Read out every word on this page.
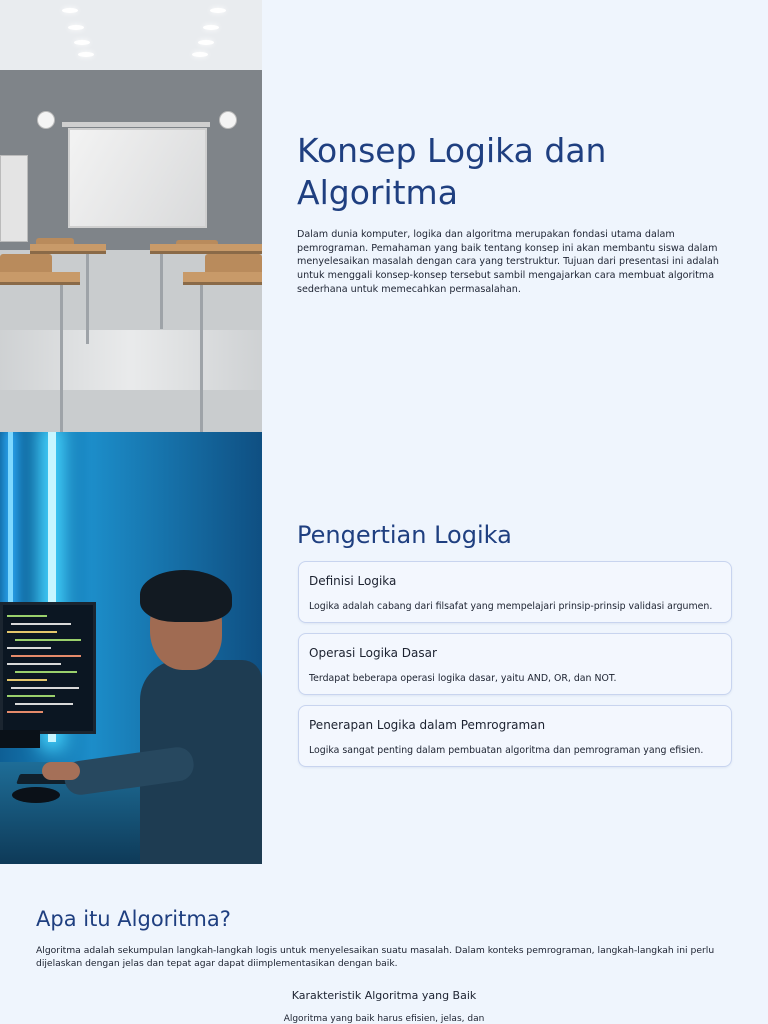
Konsep Logika dan Algoritma

Dalam dunia komputer, logika dan algoritma merupakan fondasi utama dalam pemrograman. Pemahaman yang baik tentang konsep ini akan membantu siswa dalam menyelesaikan masalah dengan cara yang terstruktur. Tujuan dari presentasi ini adalah untuk menggali konsep-konsep tersebut sambil mengajarkan cara membuat algoritma sederhana untuk memecahkan permasalahan.

Pengertian Logika
Definisi Logika
Logika adalah cabang dari filsafat yang mempelajari prinsip-prinsip validasi argumen.
Operasi Logika Dasar
Terdapat beberapa operasi logika dasar, yaitu AND, OR, dan NOT.
Penerapan Logika dalam Pemrograman
Logika sangat penting dalam pembuatan algoritma dan pemrograman yang efisien.
Apa itu Algoritma?

Algoritma adalah sekumpulan langkah-langkah logis untuk menyelesaikan suatu masalah. Dalam konteks pemrograman, langkah-langkah ini perlu dijelaskan dengan jelas dan tepat agar dapat diimplementasikan dengan baik.

Karakteristik Algoritma yang Baik
Algoritma yang baik harus efisien, jelas, dan
